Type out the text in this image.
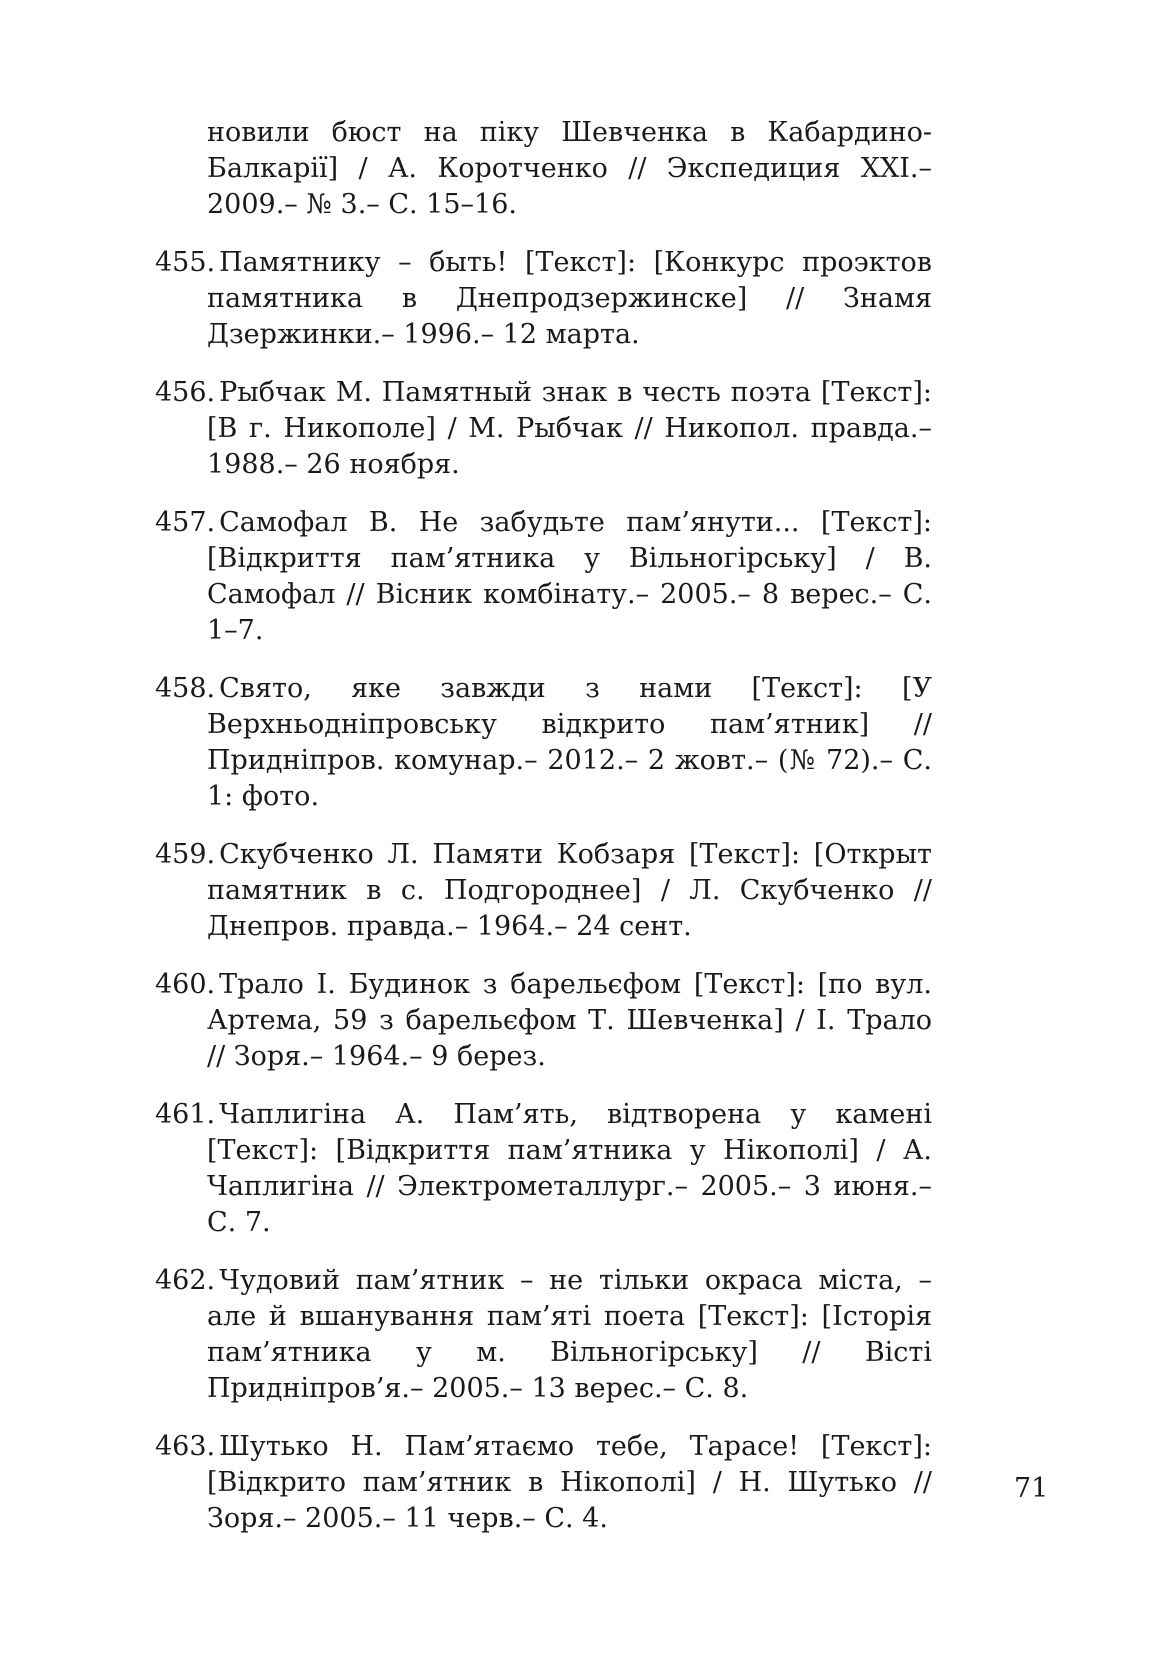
новили бюст на піку Шевченка в Кабардино-Балкарії] / А. Коротченко // Экспедиция ХХI.– 2009.– № 3.– С. 15–16.

455. Памятнику – быть! [Текст]: [Конкурс проэктов памятника в Днепродзержинске] // Знамя Дзержинки.– 1996.– 12 марта.

456. Рыбчак М. Памятный знак в честь поэта [Текст]: [В г. Никополе] / М. Рыбчак // Никопол. правда.– 1988.– 26 ноября.

457. Самофал В. Не забудьте пам’янути... [Текст]: [Відкриття пам’ятника у Вільногірську] / В. Самофал // Вісник комбінату.– 2005.– 8 верес.– С. 1–7.

458. Свято, яке завжди з нами [Текст]: [У Верхньодніпровську відкрито пам’ятник] // Придніпров. комунар.– 2012.– 2 жовт.– (№ 72).– С. 1: фото.

459. Скубченко Л. Памяти Кобзаря [Текст]: [Открыт памятник в с. Подгороднее] / Л. Скубченко // Днепров. правда.– 1964.– 24 сент.

460. Трало І. Будинок з барельєфом [Текст]: [по вул. Артема, 59 з барельєфом Т. Шевченка] / І. Трало // Зоря.– 1964.– 9 берез.

461. Чаплигіна А. Пам’ять, відтворена у камені [Текст]: [Відкриття пам’ятника у Нікополі] / А. Чаплигіна // Электрометаллург.– 2005.– 3 июня.– С. 7.

462. Чудовий пам’ятник – не тільки окраса міста, – але й вшанування пам’яті поета [Текст]: [Історія пам’ятника у м. Вільногірську] // Вісті Придніпров’я.– 2005.– 13 верес.– С. 8.

463. Шутько Н. Пам’ятаємо тебе, Тарасе! [Текст]: [Відкрито пам’ятник в Нікополі] / Н. Шутько // Зоря.– 2005.– 11 черв.– С. 4.

71
